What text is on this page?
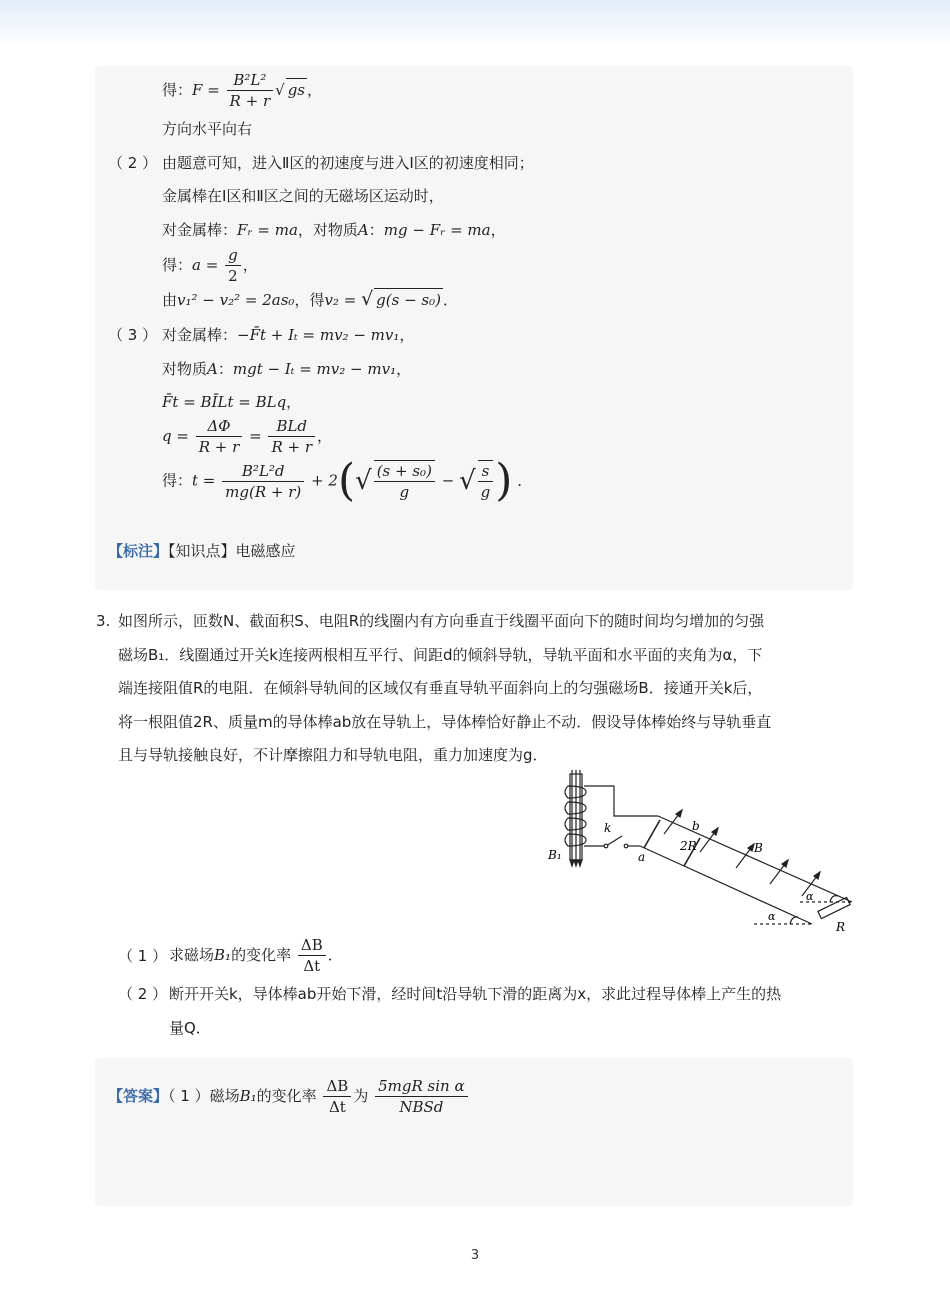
得：$F = \frac{\text{B²L²}}{R + r}$ √ gs ，
方向水平向右
（ 2 ） 由题意可知，进入Ⅱ区的初速度与进入Ⅰ区的初速度相同；
金属棒在Ⅰ区和Ⅱ区之间的无磁场区运动时，
对金属棒：Fᵣ = ma，对物质A：mg − Fᵣ = ma，
得：$a = \frac{g}{2}$ ，
由v₁² − v₂² = 2as₀，得v₂ = √ g(s − s₀) ．
（ 3 ） 对金属棒：−F̄t + Iₜ = mv₂ − mv₁，
对物质A：mgt − Iₜ = mv₂ − mv₁，
F̄t = BĪLt = BLq，
$q = \frac{\Delta\Phi}{R + r} = \frac{\text{BLd}}{R + r}$ ，
得：$t = \frac{\text{B²L²d}}{mg(R + r)} + 2(√ \frac{\text{(s + s₀)}}{g}$ − √ $\frac{s}{g}$ ) ．
【标注】【知识点】电磁感应
3. 如图所示，匝数N、截面积S、电阻R的线圈内有方向垂直于线圈平面向下的随时间均匀增加的匀强
磁场B₁．线圈通过开关k连接两根相互平行、间距d的倾斜导轨，导轨平面和水平面的夹角为α，下
端连接阻值R的电阻．在倾斜导轨间的区域仅有垂直导轨平面斜向上的匀强磁场B．接通开关k后，
将一根阻值2R、质量m的导体棒ab放在导轨上，导体棒恰好静止不动．假设导体棒始终与导轨垂直
且与导轨接触良好，不计摩擦阻力和导轨电阻，重力加速度为g．
B₁
k
a
b
2R	B
α
α
R
（ 1 ） 求磁场B₁的变化率 $\frac{\Delta B}{\Delta t}$ ．
（ 2 ） 断开开关k，导体棒ab开始下滑，经时间t沿导轨下滑的距离为x，求此过程导体棒上产生的热
量Q．
【答案】（ 1 ）磁场B₁的变化率 $\frac{\Delta B}{\Delta t}$ 为 $\frac{\text{5mgR sin α}}{\text{NBSd}}$
3
